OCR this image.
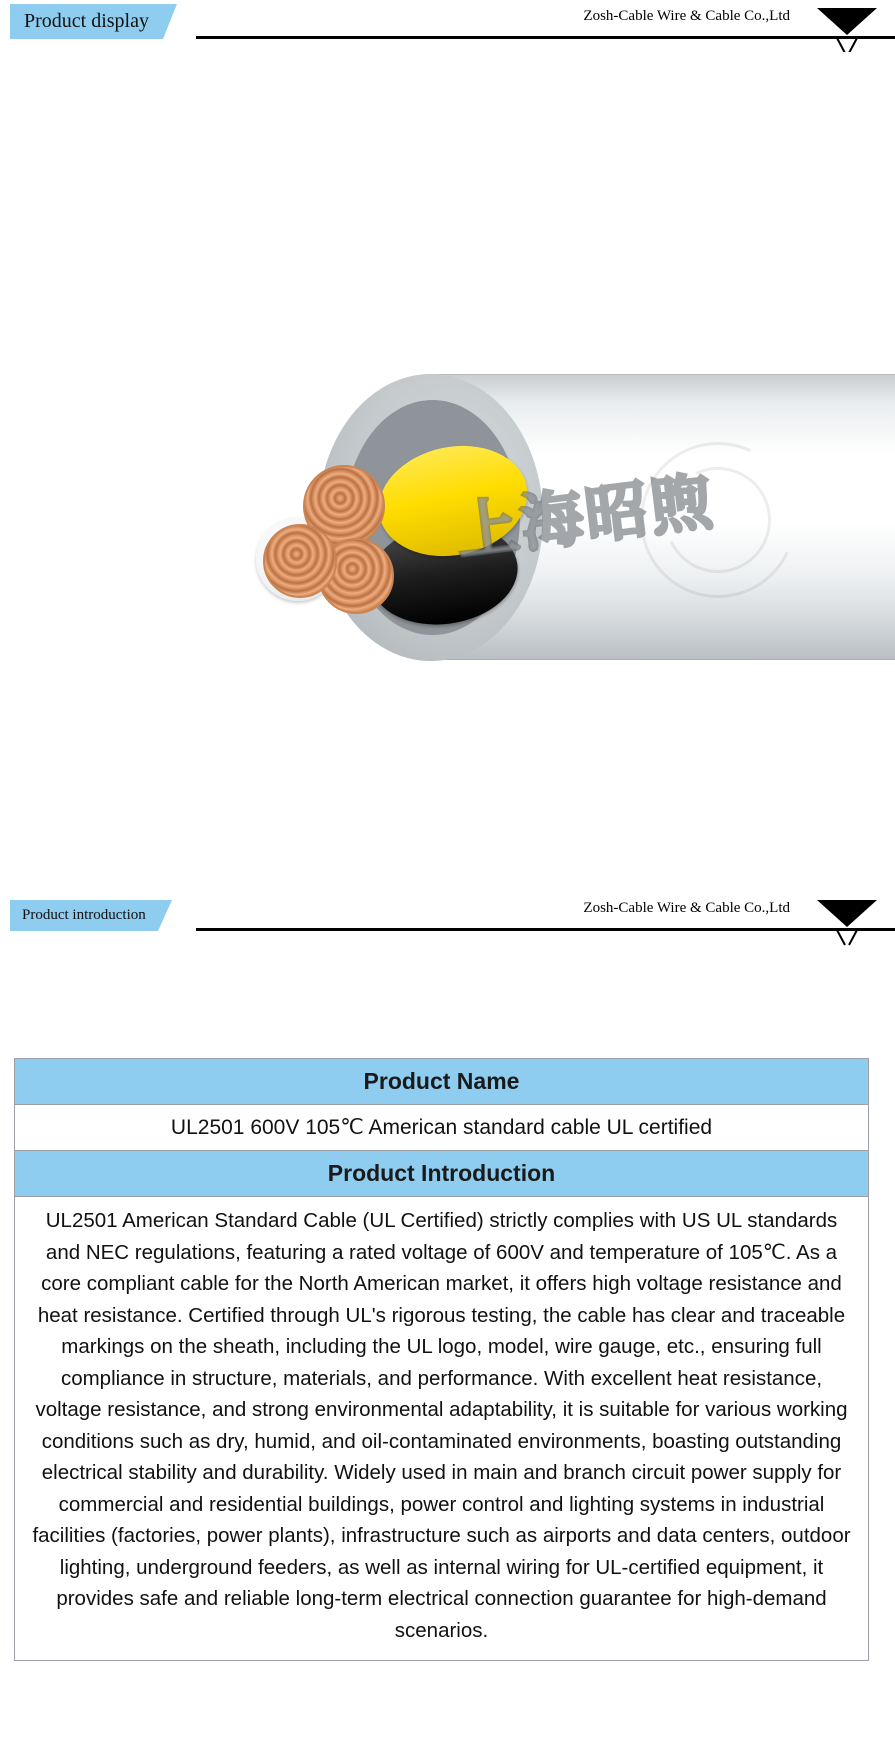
Product display	Zosh-Cable Wire & Cable Co.,Ltd
Product introduction	Zosh-Cable Wire & Cable Co.,Ltd
Product Name
UL2501 600V 105℃ American standard cable UL certified
Product Introduction
UL2501 American Standard Cable (UL Certified) strictly complies with US UL standards and NEC regulations, featuring a rated voltage of 600V and temperature of 105℃. As a core compliant cable for the North American market, it offers high voltage resistance and heat resistance. Certified through UL's rigorous testing, the cable has clear and traceable markings on the sheath, including the UL logo, model, wire gauge, etc., ensuring full compliance in structure, materials, and performance. With excellent heat resistance, voltage resistance, and strong environmental adaptability, it is suitable for various working conditions such as dry, humid, and oil-contaminated environments, boasting outstanding electrical stability and durability. Widely used in main and branch circuit power supply for commercial and residential buildings, power control and lighting systems in industrial facilities (factories, power plants), infrastructure such as airports and data centers, outdoor lighting, underground feeders, as well as internal wiring for UL-certified equipment, it provides safe and reliable long-term electrical connection guarantee for high-demand scenarios.
